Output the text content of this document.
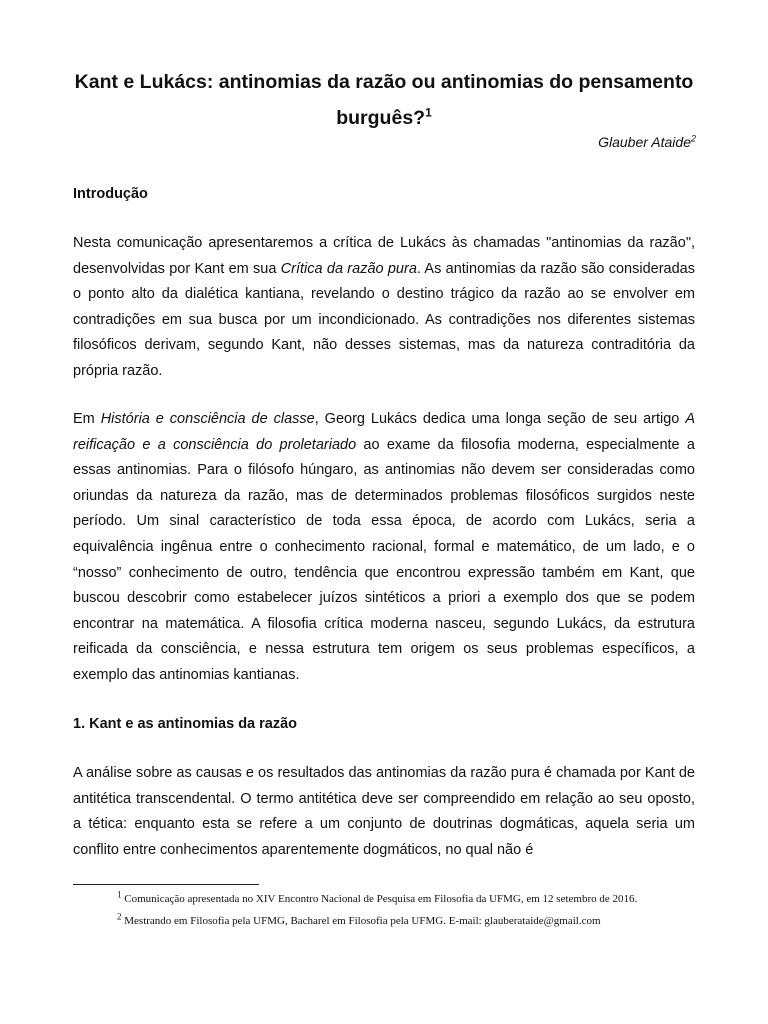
Kant e Lukács: antinomias da razão ou antinomias do pensamento burguês?$^1$
Glauber Ataide$^2$
Introdução
Nesta comunicação apresentaremos a crítica de Lukács às chamadas "antinomias da razão", desenvolvidas por Kant em sua Crítica da razão pura. As antinomias da razão são consideradas o ponto alto da dialética kantiana, revelando o destino trágico da razão ao se envolver em contradições em sua busca por um incondicionado. As contradições nos diferentes sistemas filosóficos derivam, segundo Kant, não desses sistemas, mas da natureza contraditória da própria razão.
Em História e consciência de classe, Georg Lukács dedica uma longa seção de seu artigo A reificação e a consciência do proletariado ao exame da filosofia moderna, especialmente a essas antinomias. Para o filósofo húngaro, as antinomias não devem ser consideradas como oriundas da natureza da razão, mas de determinados problemas filosóficos surgidos neste período. Um sinal característico de toda essa época, de acordo com Lukács, seria a equivalência ingênua entre o conhecimento racional, formal e matemático, de um lado, e o “nosso” conhecimento de outro, tendência que encontrou expressão também em Kant, que buscou descobrir como estabelecer juízos sintéticos a priori a exemplo dos que se podem encontrar na matemática. A filosofia crítica moderna nasceu, segundo Lukács, da estrutura reificada da consciência, e nessa estrutura tem origem os seus problemas específicos, a exemplo das antinomias kantianas.
1. Kant e as antinomias da razão
A análise sobre as causas e os resultados das antinomias da razão pura é chamada por Kant de antitética transcendental. O termo antitética deve ser compreendido em relação ao seu oposto, a tética: enquanto esta se refere a um conjunto de doutrinas dogmáticas, aquela seria um conflito entre conhecimentos aparentemente dogmáticos, no qual não é

$^1$ Comunicação apresentada no XIV Encontro Nacional de Pesquisa em Filosofia da UFMG, em 12 setembro de 2016.

$^2$ Mestrando em Filosofia pela UFMG, Bacharel em Filosofia pela UFMG. E-mail: glauberataide@gmail.com
